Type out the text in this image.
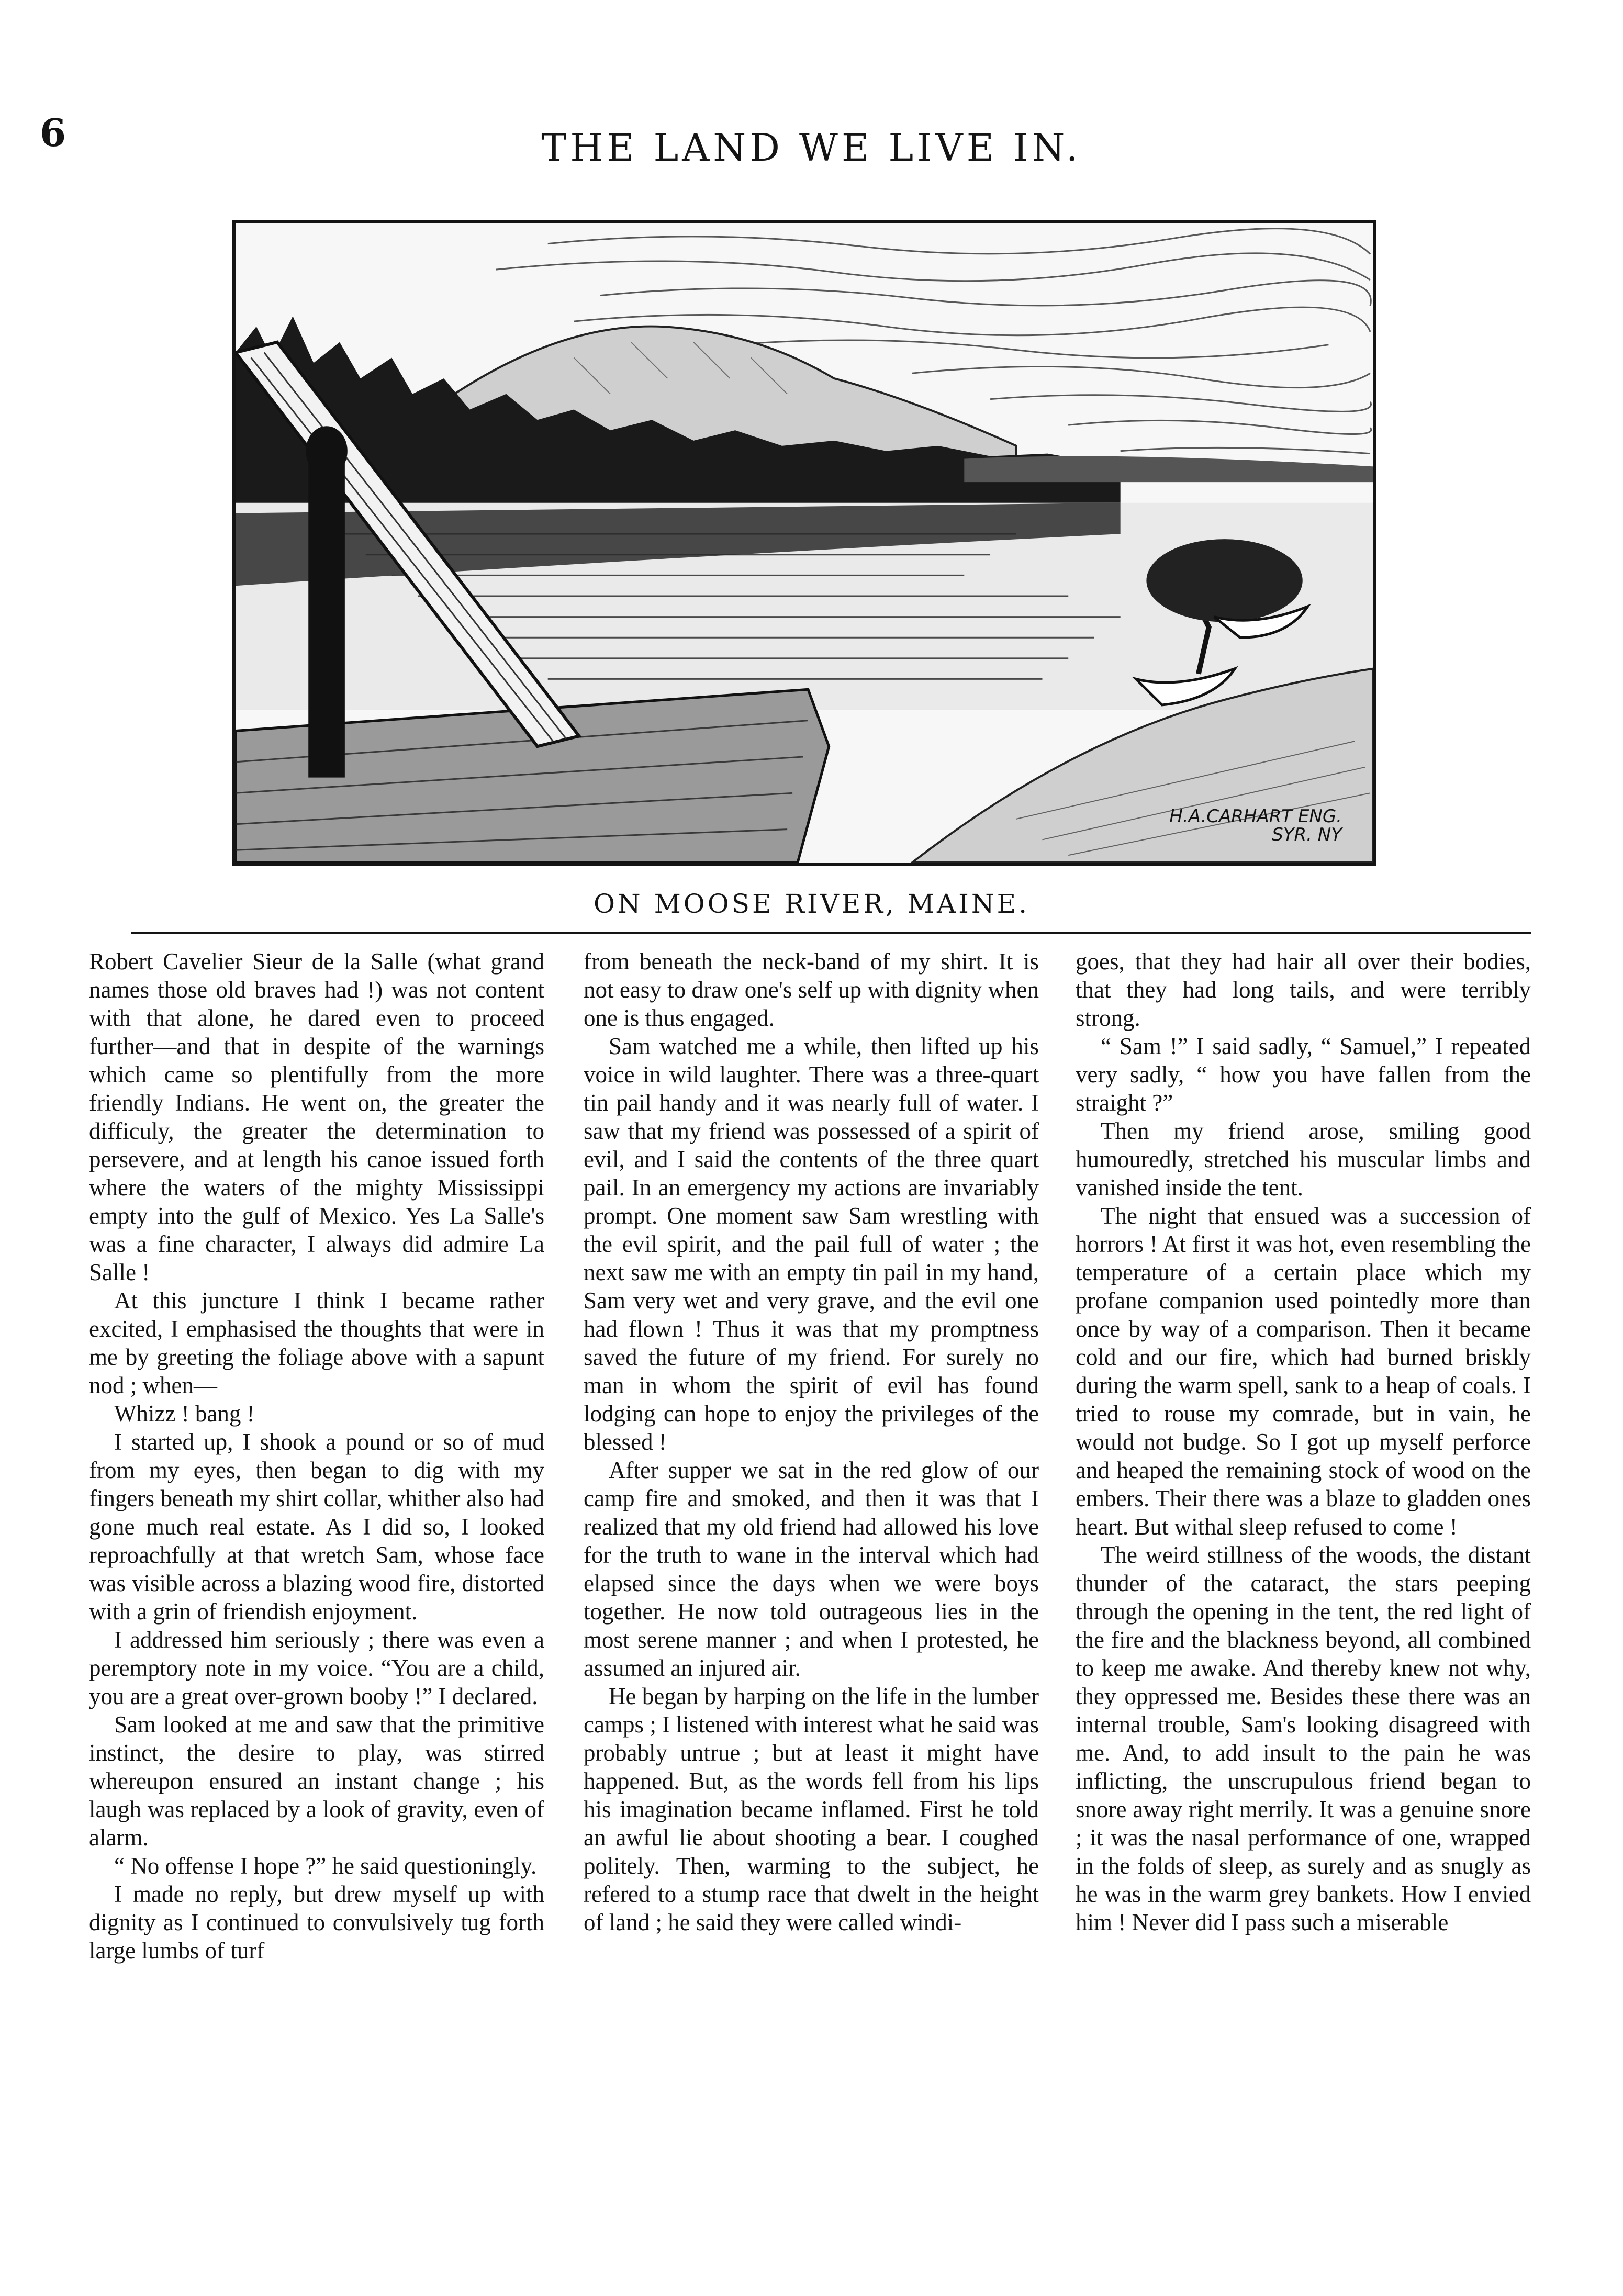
6	THE LAND WE LIVE IN.
H.A.CARHART ENG.
SYR. NY
ON MOOSE RIVER, MAINE.

Robert Cavelier Sieur de la Salle (what grand names those old braves had !) was not content with that alone, he dared even to proceed further—and that in despite of the warnings which came so plentifully from the more friendly Indians. He went on, the greater the difficuly, the greater the determination to persevere, and at length his canoe issued forth where the waters of the mighty Mississippi empty into the gulf of Mexico. Yes La Salle's was a fine character, I always did admire La Salle !

At this juncture I think I became rather excited, I emphasised the thoughts that were in me by greeting the foliage above with a sapunt nod ; when—

Whizz ! bang !

I started up, I shook a pound or so of mud from my eyes, then began to dig with my fingers beneath my shirt collar, whither also had gone much real estate. As I did so, I looked reproachfully at that wretch Sam, whose face was visible across a blazing wood fire, distorted with a grin of friendish enjoyment.

I addressed him seriously ; there was even a peremptory note in my voice. “You are a child, you are a great over-grown booby !” I declared.

Sam looked at me and saw that the primitive instinct, the desire to play, was stirred whereupon ensured an instant change ; his laugh was replaced by a look of gravity, even of alarm.

“ No offense I hope ?” he said questioningly.

I made no reply, but drew myself up with dignity as I continued to convulsively tug forth large lumbs of turf

from beneath the neck-band of my shirt. It is not easy to draw one's self up with dignity when one is thus engaged.

Sam watched me a while, then lifted up his voice in wild laughter. There was a three-quart tin pail handy and it was nearly full of water. I saw that my friend was possessed of a spirit of evil, and I said the contents of the three quart pail. In an emergency my actions are invariably prompt. One moment saw Sam wrestling with the evil spirit, and the pail full of water ; the next saw me with an empty tin pail in my hand, Sam very wet and very grave, and the evil one had flown ! Thus it was that my promptness saved the future of my friend. For surely no man in whom the spirit of evil has found lodging can hope to enjoy the privileges of the blessed !

After supper we sat in the red glow of our camp fire and smoked, and then it was that I realized that my old friend had allowed his love for the truth to wane in the interval which had elapsed since the days when we were boys together. He now told outrageous lies in the most serene manner ; and when I protested, he assumed an injured air.

He began by harping on the life in the lumber camps ; I listened with interest what he said was probably untrue ; but at least it might have happened. But, as the words fell from his lips his imagination became inflamed. First he told an awful lie about shooting a bear. I coughed politely. Then, warming to the subject, he refered to a stump race that dwelt in the height of land ; he said they were called windi-

goes, that they had hair all over their bodies, that they had long tails, and were terribly strong.

“ Sam !” I said sadly, “ Samuel,” I repeated very sadly, “ how you have fallen from the straight ?”

Then my friend arose, smiling good humouredly, stretched his muscular limbs and vanished inside the tent.

The night that ensued was a succession of horrors ! At first it was hot, even resembling the temperature of a certain place which my profane companion used pointedly more than once by way of a comparison. Then it became cold and our fire, which had burned briskly during the warm spell, sank to a heap of coals. I tried to rouse my comrade, but in vain, he would not budge. So I got up myself perforce and heaped the remaining stock of wood on the embers. Their there was a blaze to gladden ones heart. But withal sleep refused to come !

The weird stillness of the woods, the distant thunder of the cataract, the stars peeping through the opening in the tent, the red light of the fire and the blackness beyond, all combined to keep me awake. And thereby knew not why, they oppressed me. Besides these there was an internal trouble, Sam's looking disagreed with me. And, to add insult to the pain he was inflicting, the unscrupulous friend began to snore away right merrily. It was a genuine snore ; it was the nasal performance of one, wrapped in the folds of sleep, as surely and as snugly as he was in the warm grey bankets. How I envied him ! Never did I pass such a miserable
